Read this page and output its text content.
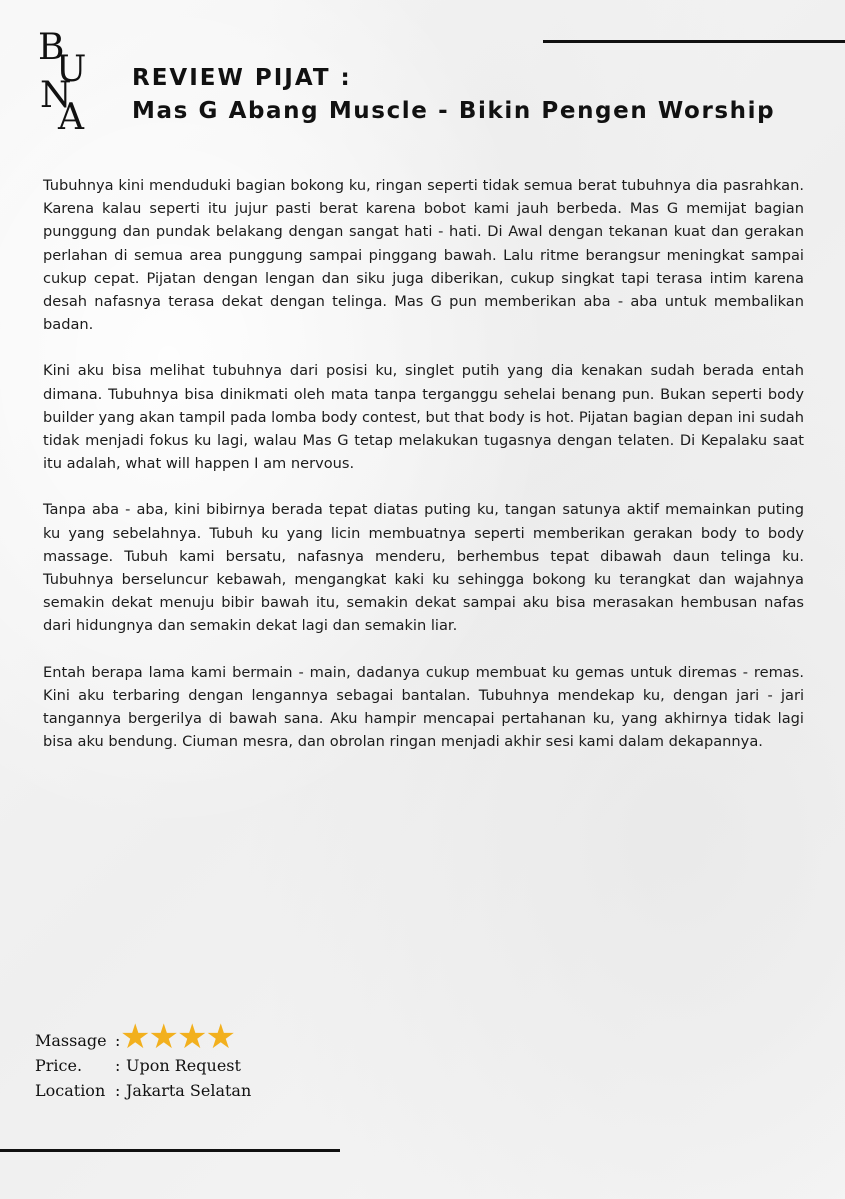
B
U
N
A
REVIEW PIJAT :
Mas G Abang Muscle - Bikin Pengen Worship

Tubuhnya kini menduduki bagian bokong ku, ringan seperti tidak semua berat tubuhnya dia pasrahkan. Karena kalau seperti itu jujur pasti berat karena bobot kami jauh berbeda. Mas G memijat bagian punggung dan pundak belakang dengan sangat hati - hati. Di Awal dengan tekanan kuat dan gerakan perlahan di semua area punggung sampai pinggang bawah. Lalu ritme berangsur meningkat sampai cukup cepat. Pijatan dengan lengan dan siku juga diberikan, cukup singkat tapi terasa intim karena desah nafasnya terasa dekat dengan telinga. Mas G pun memberikan aba - aba untuk membalikan badan.

Kini aku bisa melihat tubuhnya dari posisi ku, singlet putih yang dia kenakan sudah berada entah dimana. Tubuhnya bisa dinikmati oleh mata tanpa terganggu sehelai benang pun. Bukan seperti body builder yang akan tampil pada lomba body contest, but that body is hot. Pijatan bagian depan ini sudah tidak menjadi fokus ku lagi, walau Mas G tetap melakukan tugasnya dengan telaten. Di Kepalaku saat itu adalah, what will happen I am nervous.

Tanpa aba - aba, kini bibirnya berada tepat diatas puting ku, tangan satunya aktif memainkan puting ku yang sebelahnya. Tubuh ku yang licin membuatnya seperti memberikan gerakan body to body massage. Tubuh kami bersatu, nafasnya menderu, berhembus tepat dibawah daun telinga ku. Tubuhnya berseluncur kebawah, mengangkat kaki ku sehingga bokong ku terangkat dan wajahnya semakin dekat menuju bibir bawah itu, semakin dekat sampai aku bisa merasakan hembusan nafas dari hidungnya dan semakin dekat lagi dan semakin liar.

Entah berapa lama kami bermain - main, dadanya cukup membuat ku gemas untuk diremas - remas. Kini aku terbaring dengan lengannya sebagai bantalan. Tubuhnya mendekap ku, dengan jari - jari tangannya bergerilya di bawah sana. Aku hampir mencapai pertahanan ku, yang akhirnya tidak lagi bisa aku bendung. Ciuman mesra, dan obrolan ringan menjadi akhir sesi kami dalam dekapannya.

Massage : ★★★★
Price.	: Upon Request
Location : Jakarta Selatan
